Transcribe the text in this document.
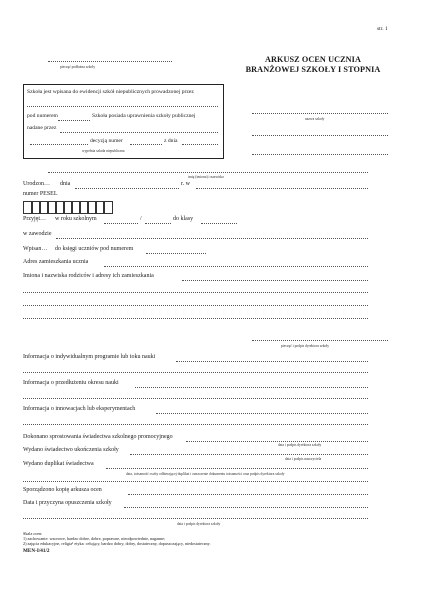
str. 1
pieczęć podłużna szkoły
ARKUSZ OCEN UCZNIA
BRANŻOWEJ SZKOŁY I STOPNIA
Szkoła jest wpisana do ewidencji szkół niepublicznych prowadzonej przez
pod numerem	Szkoła posiada uprawnienia szkoły publicznej
nadane przez
decyzją numer	z dnia
wypełnia szkoła niepubliczna
nazwa szkoły
imię (imiona) i nazwisko
Urodzon… dnia	r. w
numer PESEL
Przyjęt… w roku szkolnym	/	do klasy
w zawodzie
Wpisan… do księgi uczniów pod numerem
Adres zamieszkania ucznia
Imiona i nazwiska rodziców i adresy ich zamieszkania
pieczęć i podpis dyrektora szkoły
Informacja o indywidualnym programie lub toku nauki
Informacja o przedłużeniu okresu nauki
Informacja o innowacjach lub eksperymentach
Dokonano sprostowania świadectwa szkolnego promocyjnego
data i podpis dyrektora szkoły
Wydano świadectwo ukończenia szkoły
data i podpis nauczyciela
Wydano duplikat świadectwa
data, tożsamość osoby odbierającej duplikat i oznaczenie dokumentu tożsamości oraz podpis dyrektora szkoły
Sporządzono kopię arkusza ocen
Data i przyczyna opuszczenia szkoły
data i podpis dyrektora szkoły
Skala ocen:
1) zachowanie: wzorowe, bardzo dobre, dobre, poprawne, nieodpowiednie, naganne;
2) zajęcia edukacyjne, religia¹ etyka: celujący, bardzo dobry, dobry, dostateczny, dopuszczający, niedostateczny.
MEN-I/41/2
